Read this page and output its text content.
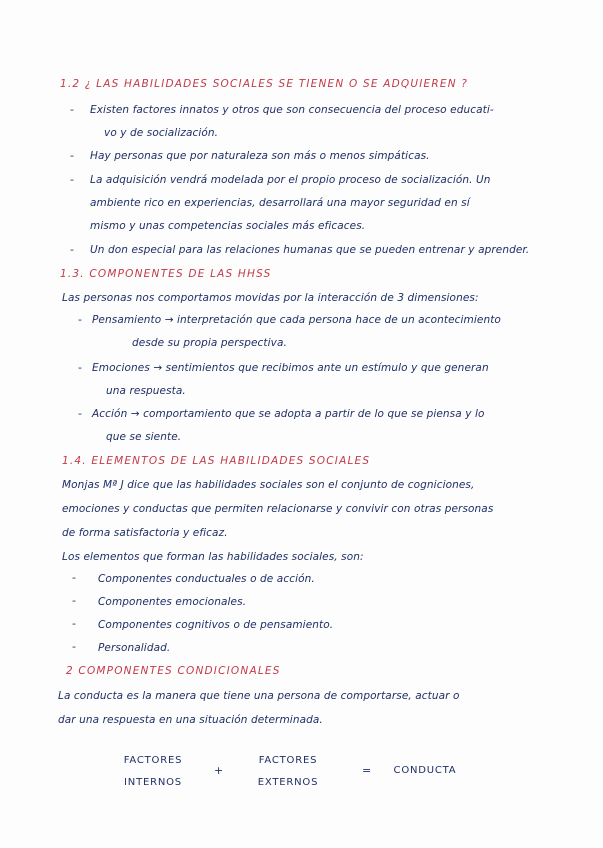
1.2 ¿ LAS HABILIDADES SOCIALES SE TIENEN O SE ADQUIEREN ?
- Existen factores innatos y otros que son consecuencia del proceso educati-
vo y de socialización.
- Hay personas que por naturaleza son más o menos simpáticas.
- La adquisición vendrá modelada por el propio proceso de socialización. Un
ambiente rico en experiencias, desarrollará una mayor seguridad en sí
mismo y unas competencias sociales más eficaces.
- Un don especial para las relaciones humanas que se pueden entrenar y aprender.
1.3. COMPONENTES DE LAS HHSS
Las personas nos comportamos movidas por la interacción de 3 dimensiones:
- Pensamiento → interpretación que cada persona hace de un acontecimiento
desde su propia perspectiva.
- Emociones → sentimientos que recibimos ante un estímulo y que generan
una respuesta.
- Acción → comportamiento que se adopta a partir de lo que se piensa y lo
que se siente.
1.4. ELEMENTOS DE LAS HABILIDADES SOCIALES
Monjas Mª J dice que las habilidades sociales son el conjunto de cogniciones,
emociones y conductas que permiten relacionarse y convivir con otras personas
de forma satisfactoria y eficaz.
Los elementos que forman las habilidades sociales, son:
- Componentes conductuales o de acción.
- Componentes emocionales.
- Componentes cognitivos o de pensamiento.
- Personalidad.
2 COMPONENTES CONDICIONALES
La conducta es la manera que tiene una persona de comportarse, actuar o
dar una respuesta en una situación determinada.
FACTORES
INTERNOS
+
FACTORES
EXTERNOS
=	CONDUCTA
